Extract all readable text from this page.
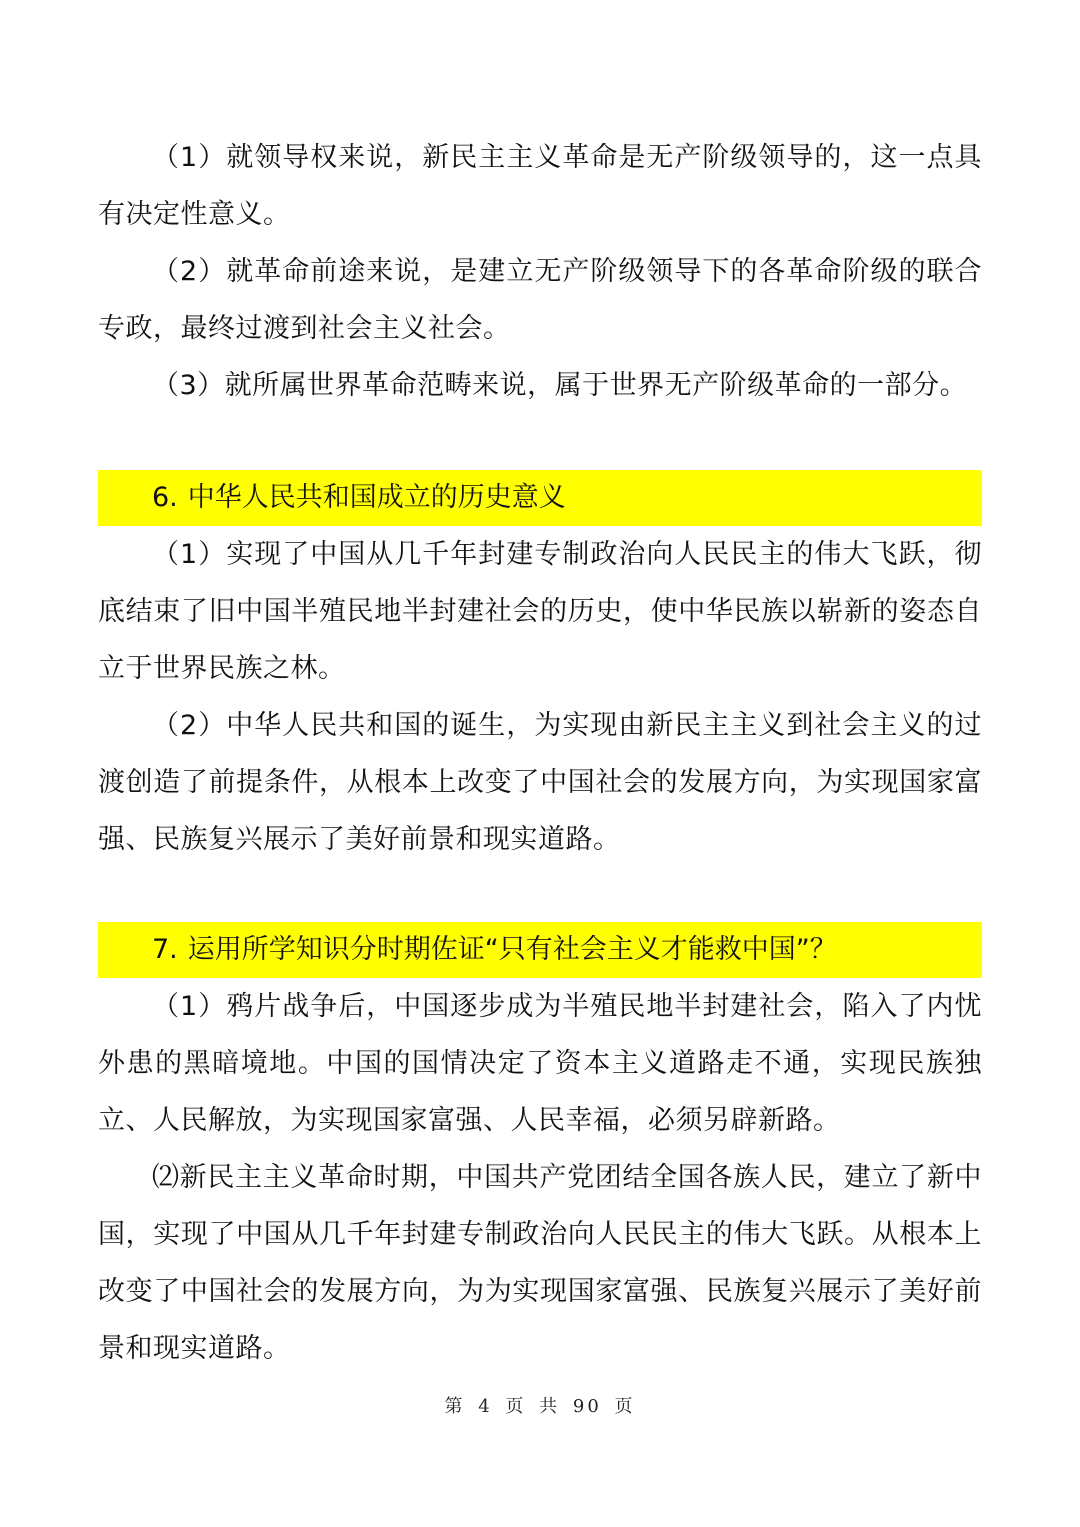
（1）就领导权来说，新民主主义革命是无产阶级领导的，这一点具有决定性意义。

（2）就革命前途来说，是建立无产阶级领导下的各革命阶级的联合专政，最终过渡到社会主义社会。

（3）就所属世界革命范畴来说，属于世界无产阶级革命的一部分。

6. 中华人民共和国成立的历史意义

（1）实现了中国从几千年封建专制政治向人民民主的伟大飞跃，彻底结束了旧中国半殖民地半封建社会的历史，使中华民族以崭新的姿态自立于世界民族之林。

（2）中华人民共和国的诞生，为实现由新民主主义到社会主义的过渡创造了前提条件，从根本上改变了中国社会的发展方向，为实现国家富强、民族复兴展示了美好前景和现实道路。

7. 运用所学知识分时期佐证“只有社会主义才能救中国”？

（1）鸦片战争后，中国逐步成为半殖民地半封建社会，陷入了内忧外患的黑暗境地。中国的国情决定了资本主义道路走不通，实现民族独立、人民解放，为实现国家富强、人民幸福，必须另辟新路。

⑵新民主主义革命时期，中国共产党团结全国各族人民，建立了新中国，实现了中国从几千年封建专制政治向人民民主的伟大飞跃。从根本上改变了中国社会的发展方向，为为实现国家富强、民族复兴展示了美好前景和现实道路。

第 4 页 共 90 页
